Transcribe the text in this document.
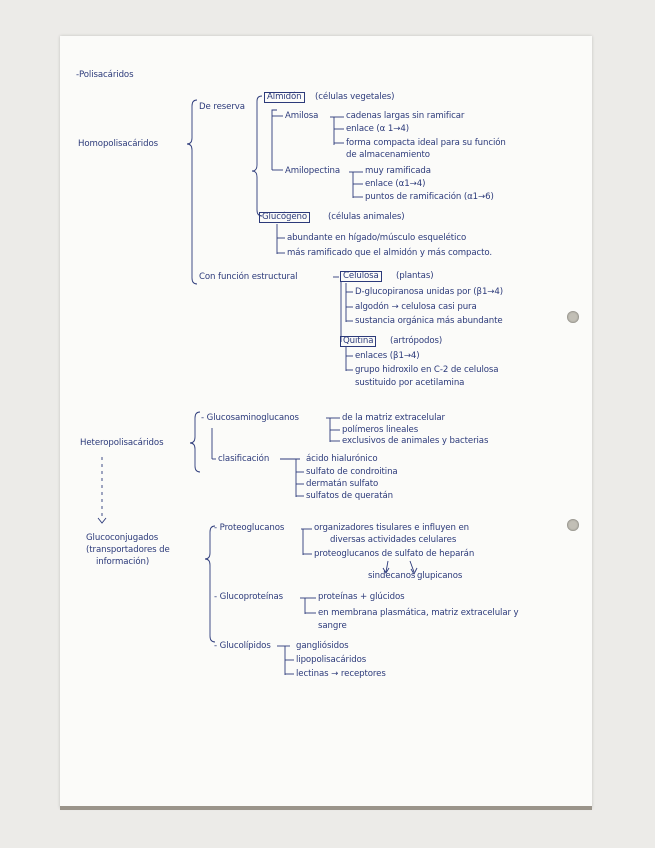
-Polisacáridos
Homopolisacáridos
De reserva
Almidón	(células vegetales)
Amilosa	cadenas largas sin ramificar
enlace (α 1→4)
forma compacta ideal para su función
de almacenamiento
Amilopectina	muy ramificada
enlace (α1→4)
puntos de ramificación (α1→6)
Glucógeno	(células animales)
abundante en hígado/músculo esquelético
más ramificado que el almidón y más compacto.
Con función estructural	Celulosa	(plantas)
D-glucopiranosa unidas por (β1→4)
algodón → celulosa casi pura
sustancia orgánica más abundante
Quitina	(artrópodos)
enlaces (β1→4)
grupo hidroxilo en C-2 de celulosa
sustituido por acetilamina
Heteropolisacáridos
- Glucosaminoglucanos	de la matriz extracelular
polímeros lineales
exclusivos de animales y bacterias
clasificación	ácido hialurónico
sulfato de condroitina
dermatán sulfato
sulfatos de queratán
Glucoconjugados
(transportadores de
información)
- Proteoglucanos	organizadores tisulares e influyen en
diversas actividades celulares
proteoglucanos de sulfato de heparán
sindecanos glupicanos
- Glucoproteínas	proteínas + glúcidos
en membrana plasmática, matriz extracelular y
sangre
- Glucolípidos	gangliósidos
lipopolisacáridos
lectinas → receptores
